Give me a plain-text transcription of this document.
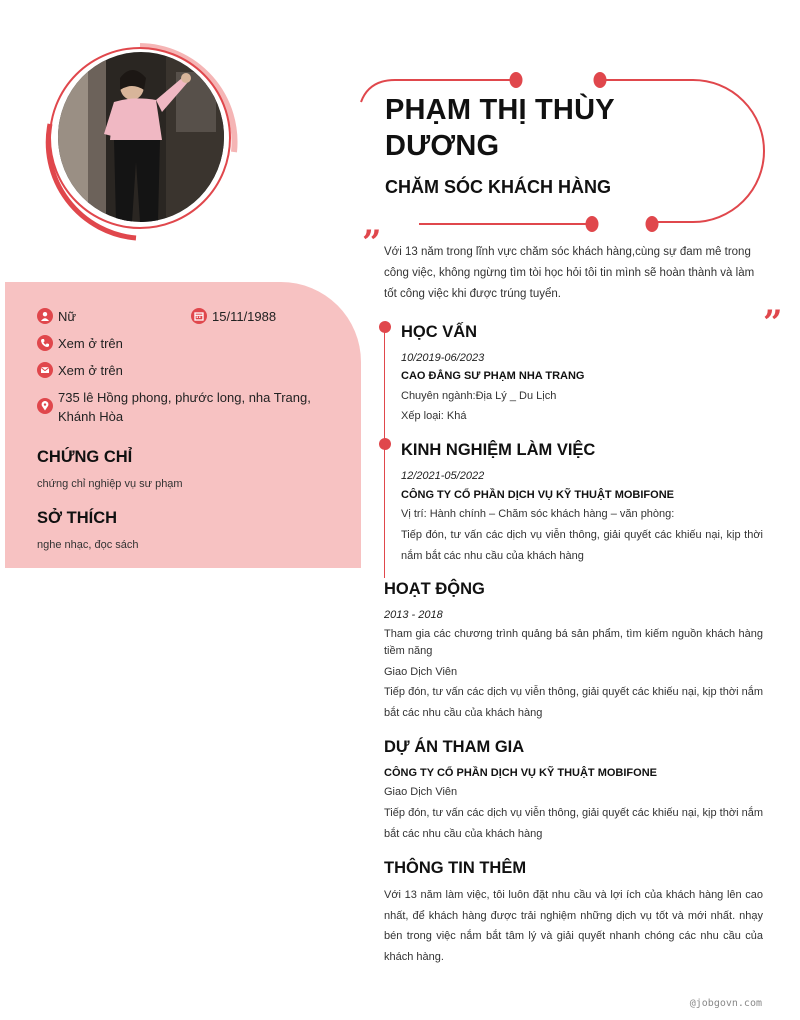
PHẠM THỊ THÙY DƯƠNG
CHĂM SÓC KHÁCH HÀNG
” Với 13 năm trong lĩnh vực chăm sóc khách hàng,cùng sự đam mê trong công việc, không ngừng tìm tòi học hỏi tôi tin mình sẽ hoàn thành và làm tốt công việc khi được trúng tuyển.
”
Nữ	15/11/1988
Xem ở trên
Xem ở trên
735 lê Hồng phong, phước long, nha Trang, Khánh Hòa
CHỨNG CHỈ
chứng chỉ nghiệp vụ sư phạm
SỞ THÍCH
nghe nhạc, đọc sách
HỌC VẤN
10/2019-06/2023
CAO ĐẲNG SƯ PHẠM NHA TRANG
Chuyên ngành:Địa Lý _ Du Lịch
Xếp loại: Khá
KINH NGHIỆM LÀM VIỆC
12/2021-05/2022
CÔNG TY CỔ PHẦN DỊCH VỤ KỸ THUẬT MOBIFONE
Vị trí: Hành chính – Chăm sóc khách hàng – văn phòng:
Tiếp đón, tư vấn các dịch vụ viễn thông, giải quyết các khiếu nại, kịp thời nắm bắt các nhu cầu của khách hàng
HOẠT ĐỘNG
2013 - 2018
Tham gia các chương trình quảng bá sản phẩm, tìm kiếm nguồn khách hàng tiềm năng
Giao Dịch Viên
Tiếp đón, tư vấn các dịch vụ viễn thông, giải quyết các khiếu nại, kịp thời nắm bắt các nhu cầu của khách hàng
DỰ ÁN THAM GIA
CÔNG TY CỔ PHẦN DỊCH VỤ KỸ THUẬT MOBIFONE
Giao Dịch Viên
Tiếp đón, tư vấn các dịch vụ viễn thông, giải quyết các khiếu nại, kịp thời nắm bắt các nhu cầu của khách hàng
THÔNG TIN THÊM
Với 13 năm làm việc, tôi luôn đặt nhu cầu và lợi ích của khách hàng lên cao nhất, để khách hàng được trải nghiệm những dịch vụ tốt và mới nhất. nhạy bén trong việc nắm bắt tâm lý và giải quyết nhanh chóng các nhu cầu của khách hàng.
@jobgovn.com
